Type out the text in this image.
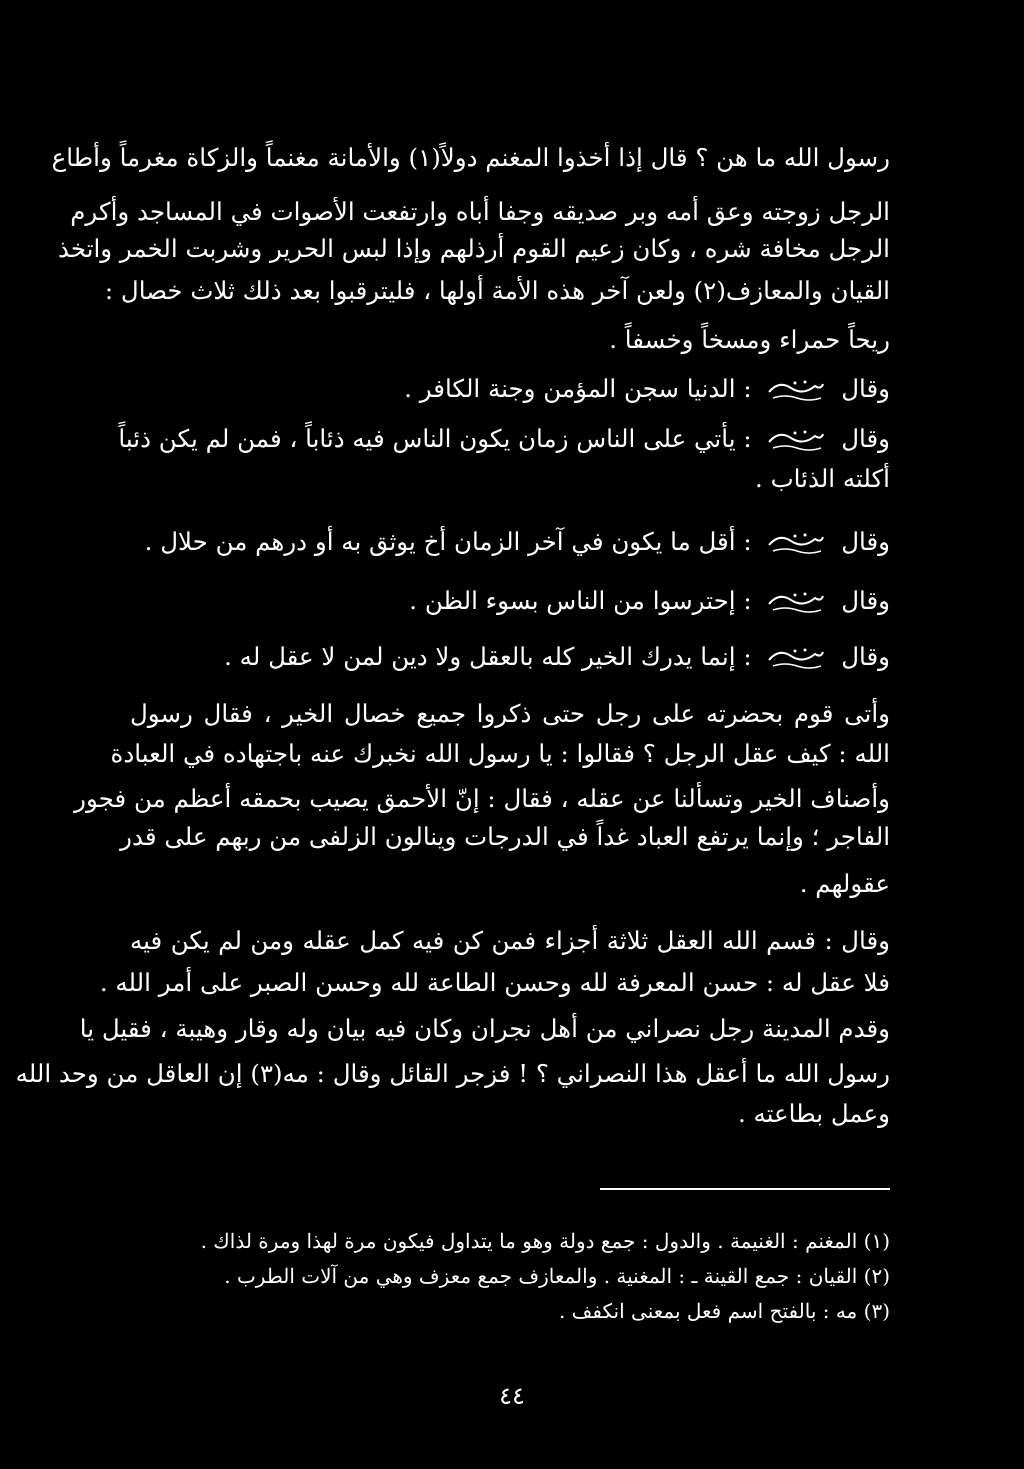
رسول الله ما هن ؟ قال إذا أخذوا المغنم دولاً(١) والأمانة مغنماً والزكاة مغرماً وأطاع
الرجل زوجته وعق أمه وبر صديقه وجفا أباه وارتفعت الأصوات في المساجد وأكرم
الرجل مخافة شره ، وكان زعيم القوم أرذلهم وإذا لبس الحرير وشربت الخمر واتخذ
القيان والمعازف(٢) ولعن آخر هذه الأمة أولها ، فليترقبوا بعد ذلك ثلاث خصال :
ريحاً حمراء ومسخاً وخسفاً .
وقال
: الدنيا سجن المؤمن وجنة الكافر .
وقال
: يأتي على الناس زمان يكون الناس فيه ذئاباً ، فمن لم يكن ذئباً
أكلته الذئاب .
وقال
: أقل ما يكون في آخر الزمان أخ يوثق به أو درهم من حلال .
وقال
: إحترسوا من الناس بسوء الظن .
وقال
: إنما يدرك الخير كله بالعقل ولا دين لمن لا عقل له .
وأتى قوم بحضرته على رجل حتى ذكروا جميع خصال الخير ، فقال رسول
الله : كيف عقل الرجل ؟ فقالوا : يا رسول الله نخبرك عنه باجتهاده في العبادة
وأصناف الخير وتسألنا عن عقله ، فقال : إنّ الأحمق يصيب بحمقه أعظم من فجور
الفاجر ؛ وإنما يرتفع العباد غداً في الدرجات وينالون الزلفى من ربهم على قدر
عقولهم .
وقال : قسم الله العقل ثلاثة أجزاء فمن كن فيه كمل عقله ومن لم يكن فيه
فلا عقل له : حسن المعرفة لله وحسن الطاعة لله وحسن الصبر على أمر الله .
وقدم المدينة رجل نصراني من أهل نجران وكان فيه بيان وله وقار وهيبة ، فقيل يا
رسول الله ما أعقل هذا النصراني ؟ ! فزجر القائل وقال : مه(٣) إن العاقل من وحد الله
وعمل بطاعته .
(١) المغنم : الغنيمة . والدول : جمع دولة وهو ما يتداول فيكون مرة لهذا ومرة لذاك .
(٢) القيان : جمع القينة ـ : المغنية . والمعازف جمع معزف وهي من آلات الطرب .
(٣) مه : بالفتح اسم فعل بمعنى انكفف .
٤٤
